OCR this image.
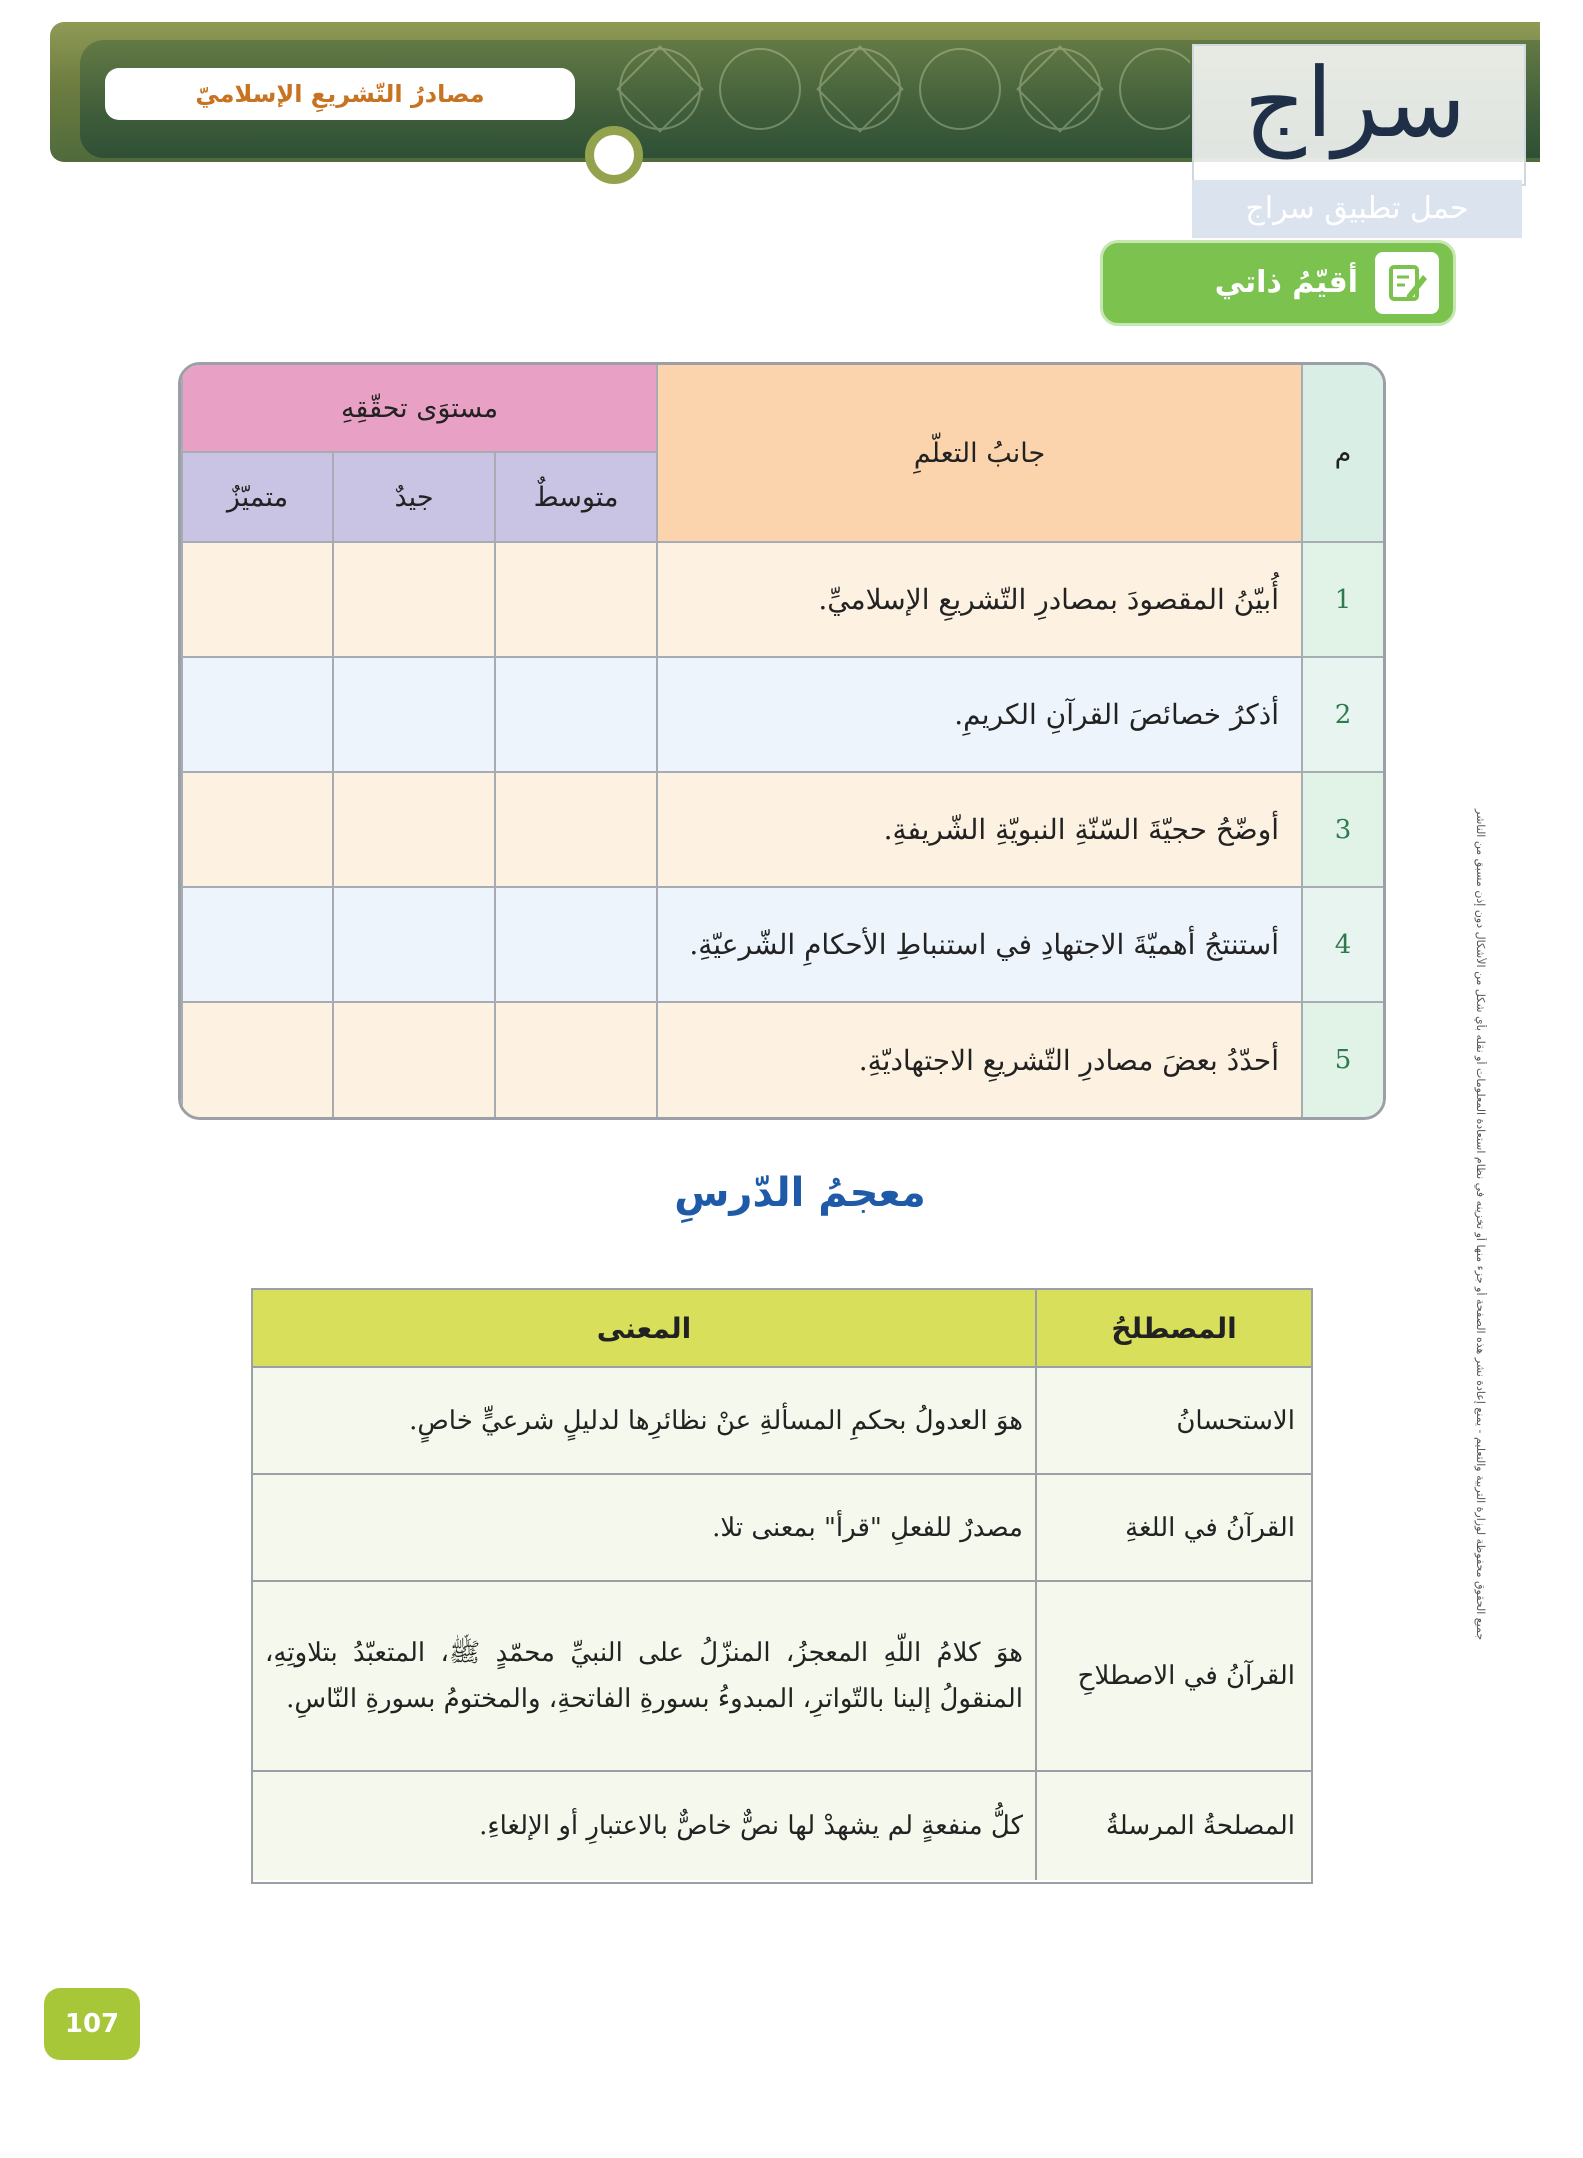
مصادرُ التّشريعِ الإسلاميّ	سراج
حمل تطبيق سراج
أقيّمُ ذاتي
جميع الحقوق محفوظة لوزارة التربية والتعليم - يمنع إعادة نشر هذه الصفحة أو جزء منها أو تخزينه في نظام استعادة المعلومات أو نقله بأي شكل من الأشكال دون إذن مسبق من الناشر
م
جانبُ التعلّمِ
مستوَى تحقّقِهِ
متوسطٌ
جيدٌ
متميّزٌ
1
أُبيّنُ المقصودَ بمصادرِ التّشريعِ الإسلاميِّ.
2
أذكرُ خصائصَ القرآنِ الكريمِ.
3
أوضّحُ حجيّةَ السّنّةِ النبويّةِ الشّريفةِ.
4
أستنتجُ أهميّةَ الاجتهادِ في استنباطِ الأحكامِ الشّرعيّةِ.
5
أحدّدُ بعضَ مصادرِ التّشريعِ الاجتهاديّةِ.
معجمُ الدّرسِ
المصطلحُ
المعنى
الاستحسانُ
هوَ العدولُ بحكمِ المسألةِ عنْ نظائرِها لدليلٍ شرعيٍّ خاصٍ.
القرآنُ في اللغةِ
مصدرٌ للفعلِ "قرأ" بمعنى تلا.
القرآنُ في الاصطلاحِ
هوَ كلامُ اللّهِ المعجزُ، المنزّلُ على النبيِّ محمّدٍ ﷺ، المتعبّدُ بتلاوتِهِ، المنقولُ إلينا بالتّواترِ، المبدوءُ بسورةِ الفاتحةِ، والمختومُ بسورةِ النّاسِ.
المصلحةُ المرسلةُ
كلُّ منفعةٍ لم يشهدْ لها نصٌّ خاصٌّ بالاعتبارِ أو الإلغاءِ.
107
